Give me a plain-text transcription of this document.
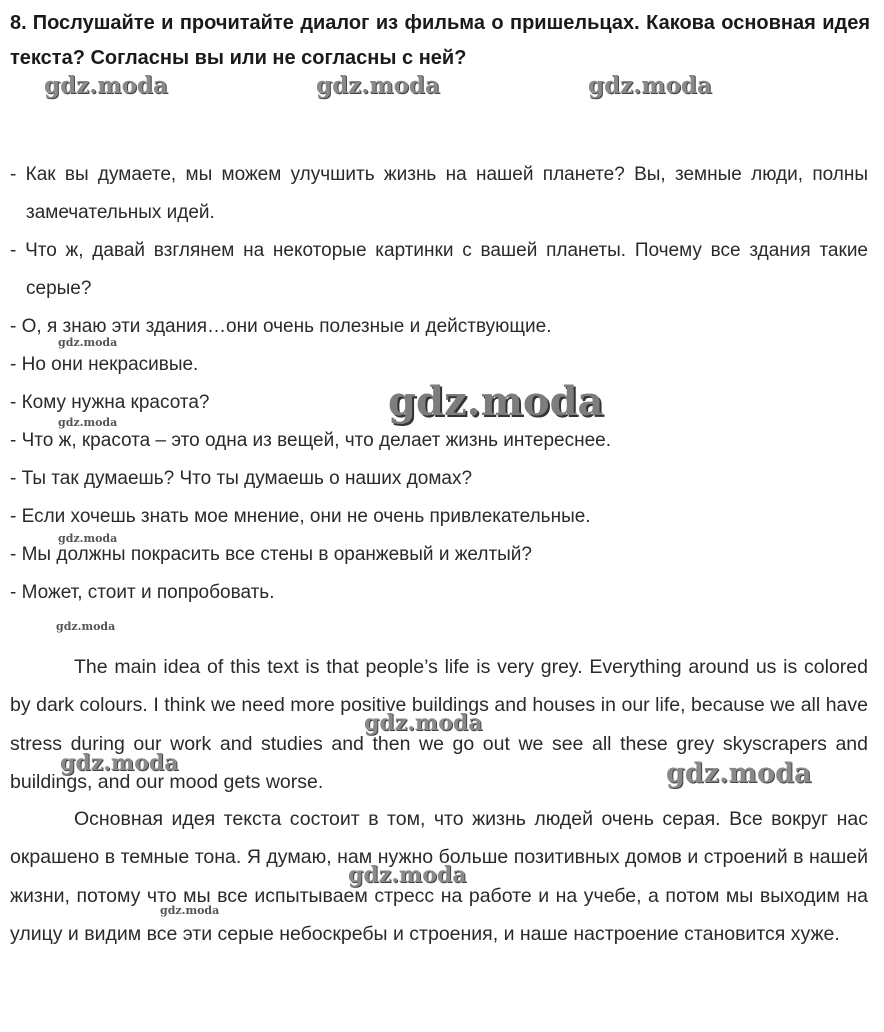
8. Послушайте и прочитайте диалог из фильма о пришельцах. Какова основная идея текста? Согласны вы или не согласны с ней?
- Как вы думаете, мы можем улучшить жизнь на нашей планете? Вы, земные люди, полны замечательных идей.
- Что ж, давай взглянем на некоторые картинки с вашей планеты. Почему все здания такие серые?
- О, я знаю эти здания…они очень полезные и действующие.
- Но они некрасивые.
- Кому нужна красота?
- Что ж, красота – это одна из вещей, что делает жизнь интереснее.
- Ты так думаешь? Что ты думаешь о наших домах?
- Если хочешь знать мое мнение, они не очень привлекательные.
- Мы должны покрасить все стены в оранжевый и желтый?
- Может, стоит и попробовать.
The main idea of this text is that people’s life is very grey. Everything around us is colored by dark colours. I think we need more positive buildings and houses in our life, because we all have stress during our work and studies and then we go out we see all these grey skyscrapers and buildings, and our mood gets worse.
Основная идея текста состоит в том, что жизнь людей очень серая. Все вокруг нас окрашено в темные тона. Я думаю, нам нужно больше позитивных домов и строений в нашей жизни, потому что мы все испытываем стресс на работе и на учебе, а потом мы выходим на улицу и видим все эти серые небоскребы и строения, и наше настроение становится хуже.
gdz.moda	gdz.moda	gdz.moda
gdz.moda
gdz.moda
gdz.moda
gdz.moda
gdz.moda
gdz.moda
gdz.moda	gdz.moda
gdz.moda
gdz.moda
